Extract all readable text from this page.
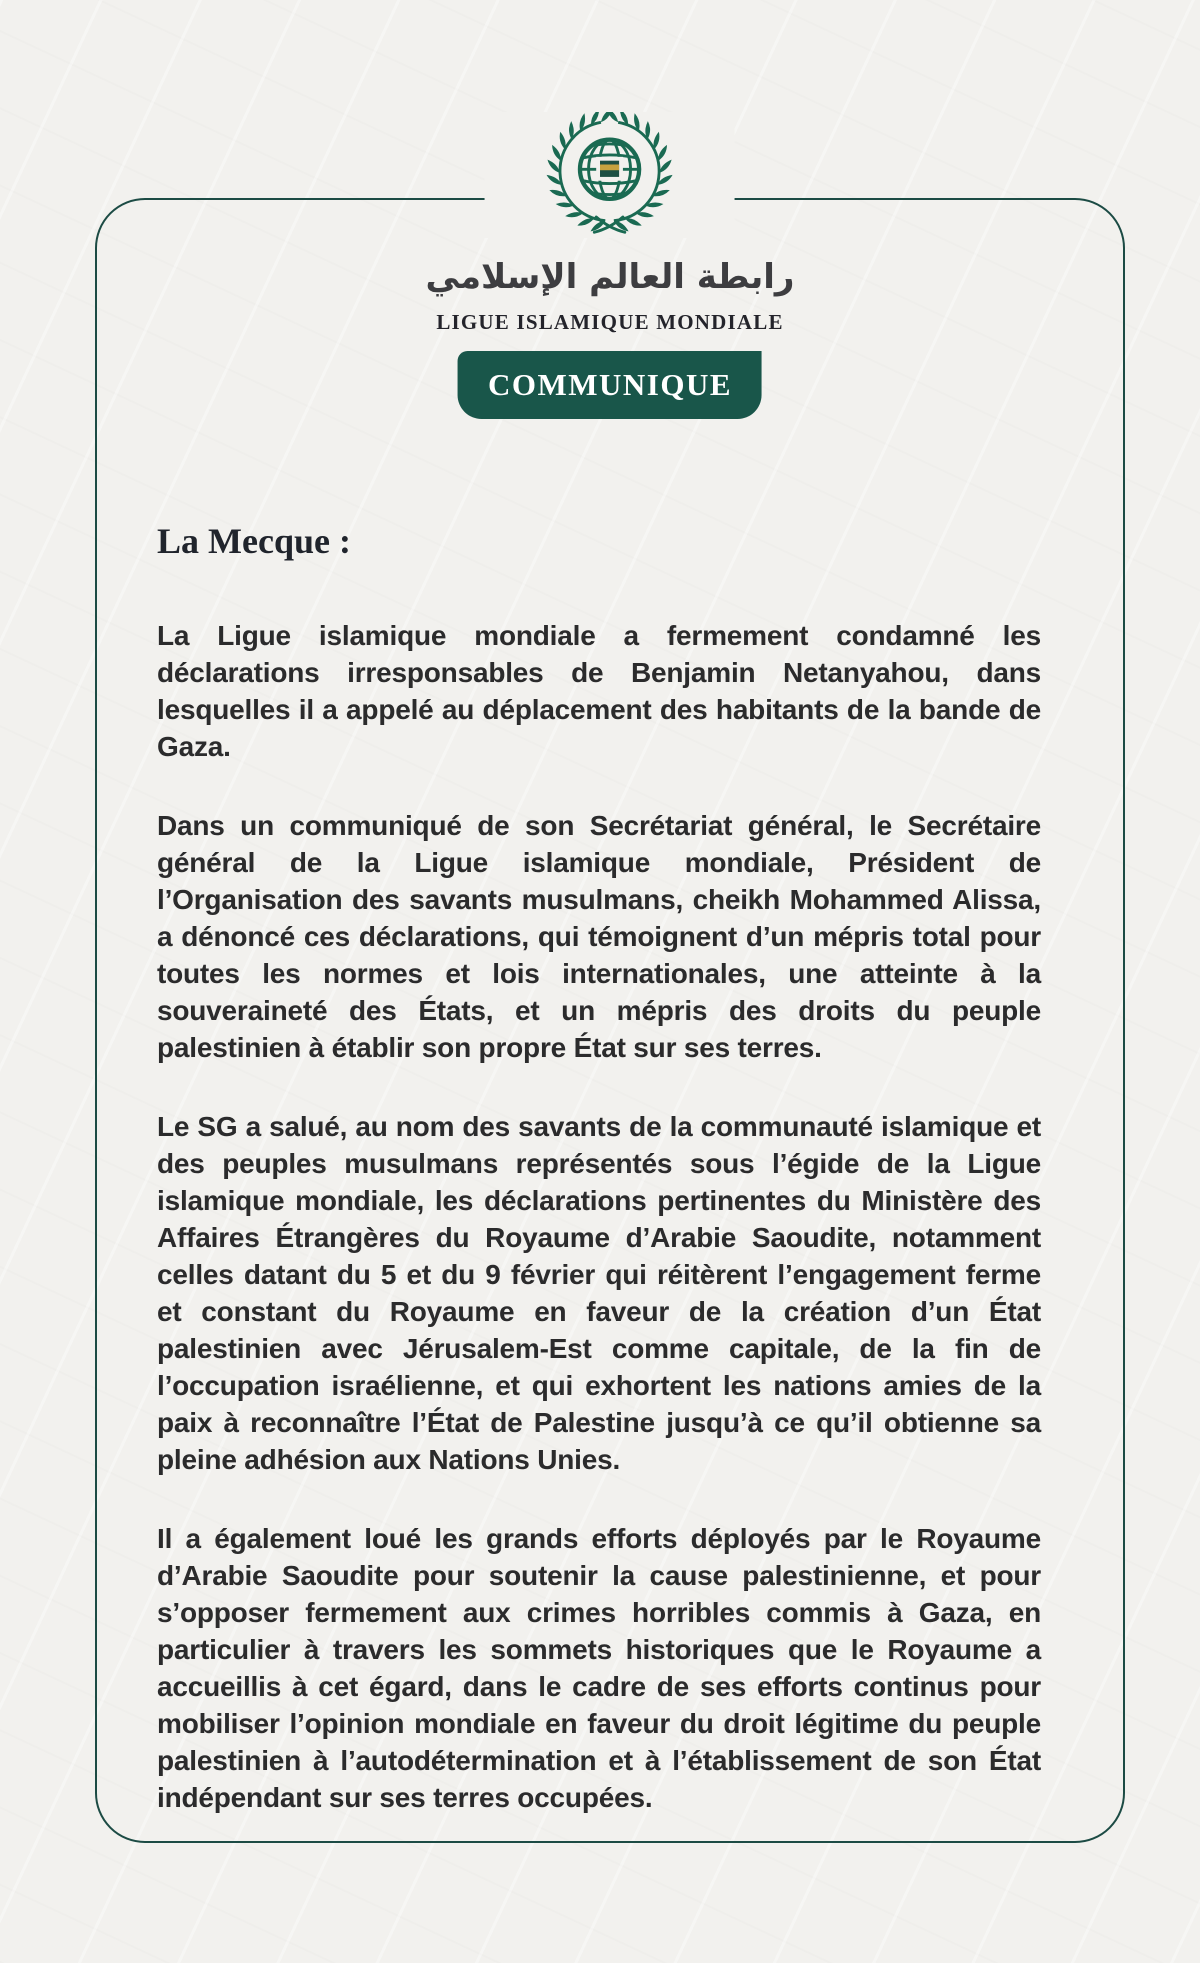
La Mecque :

La Ligue islamique mondiale a fermement condamné les déclarations irresponsables de Benjamin Netanyahou, dans lesquelles il a appelé au déplacement des habitants de la bande de Gaza.

Dans un communiqué de son Secrétariat général, le Secrétaire général de la Ligue islamique mondiale, Président de l’Organisation des savants musulmans, cheikh Mohammed Alissa, a dénoncé ces déclarations, qui témoignent d’un mépris total pour toutes les normes et lois internationales, une atteinte à la souveraineté des États, et un mépris des droits du peuple palestinien à établir son propre État sur ses terres.

Le SG a salué, au nom des savants de la communauté islamique et des peuples musulmans représentés sous l’égide de la Ligue islamique mondiale, les déclarations pertinentes du Ministère des Affaires Étrangères du Royaume d’Arabie Saoudite, notamment celles datant du 5 et du 9 février qui réitèrent l’engagement ferme et constant du Royaume en faveur de la création d’un État palestinien avec Jérusalem-Est comme capitale, de la fin de l’occupation israélienne, et qui exhortent les nations amies de la paix à reconnaître l’État de Palestine jusqu’à ce qu’il obtienne sa pleine adhésion aux Nations Unies.

Il a également loué les grands efforts déployés par le Royaume d’Arabie Saoudite pour soutenir la cause palestinienne, et pour s’opposer fermement aux crimes horribles commis à Gaza, en particulier à travers les sommets historiques que le Royaume a accueillis à cet égard, dans le cadre de ses efforts continus pour mobiliser l’opinion mondiale en faveur du droit légitime du peuple palestinien à l’autodétermination et à l’établissement de son État indépendant sur ses terres occupées.

رابطة العالم الإسلامي
LIGUE ISLAMIQUE MONDIALE
COMMUNIQUE
